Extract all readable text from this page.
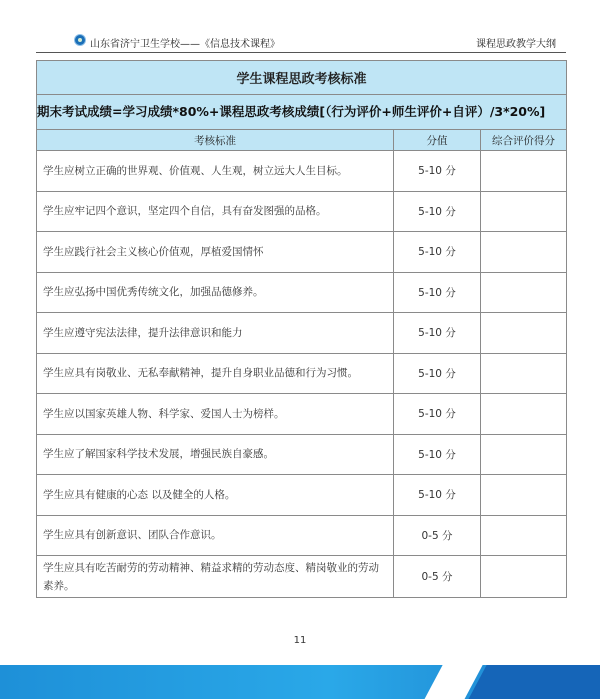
山东省济宁卫生学校——《信息技术课程》	课程思政教学大纲
学生课程思政考核标准		
期末考试成绩=学习成绩*80%+课程思政考核成绩[（行为评价+师生评价+自评）/3*20%]		
考核标准	分值	综合评价得分
学生应树立正确的世界观、价值观、人生观，树立远大人生目标。	5-10 分	
学生应牢记四个意识，坚定四个自信，具有奋发图强的品格。	5-10 分	
学生应践行社会主义核心价值观，厚植爱国情怀	5-10 分	
学生应弘扬中国优秀传统文化，加强品德修养。	5-10 分	
学生应遵守宪法法律，提升法律意识和能力	5-10 分	
学生应具有岗敬业、无私奉献精神，提升自身职业品德和行为习惯。	5-10 分	
学生应以国家英雄人物、科学家、爱国人士为榜样。	5-10 分	
学生应了解国家科学技术发展，增强民族自豪感。	5-10 分	
学生应具有健康的心态 以及健全的人格。	5-10 分	
学生应具有创新意识、团队合作意识。	0-5 分	
学生应具有吃苦耐劳的劳动精神、精益求精的劳动态度、精岗敬业的劳动素养。	0-5 分	
11
